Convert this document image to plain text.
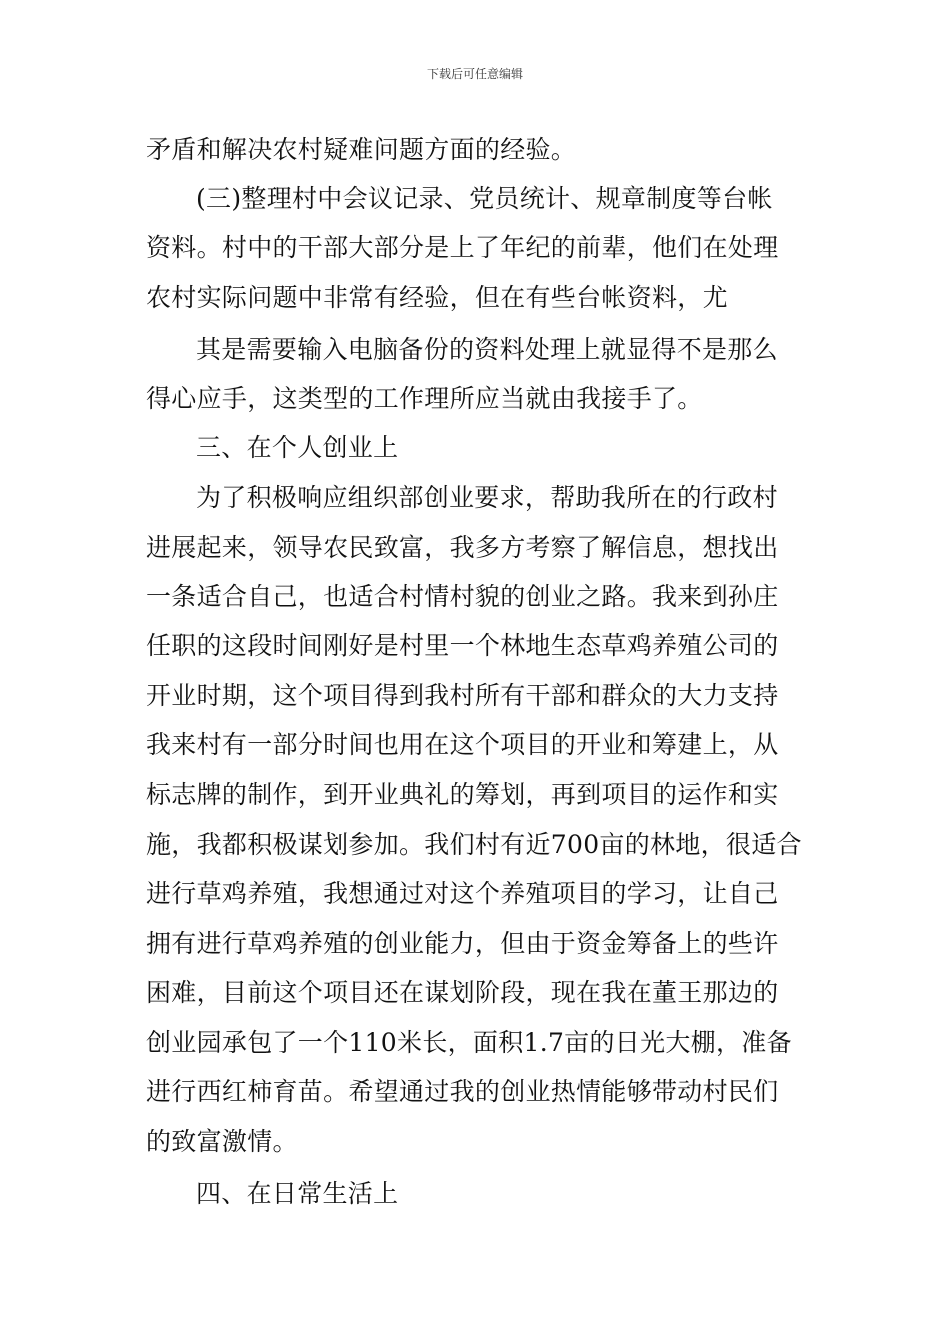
下载后可任意编辑
矛盾和解决农村疑难问题方面的经验。
(三)整理村中会议记录、党员统计、规章制度等台帐
资料。村中的干部大部分是上了年纪的前辈，他们在处理
农村实际问题中非常有经验，但在有些台帐资料，尤
其是需要输入电脑备份的资料处理上就显得不是那么
得心应手，这类型的工作理所应当就由我接手了。
三、在个人创业上
为了积极响应组织部创业要求，帮助我所在的行政村
进展起来，领导农民致富，我多方考察了解信息，想找出
一条适合自己，也适合村情村貌的创业之路。我来到孙庄
任职的这段时间刚好是村里一个林地生态草鸡养殖公司的
开业时期，这个项目得到我村所有干部和群众的大力支持
我来村有一部分时间也用在这个项目的开业和筹建上，从
标志牌的制作，到开业典礼的筹划，再到项目的运作和实
施，我都积极谋划参加。我们村有近700亩的林地，很适合
进行草鸡养殖，我想通过对这个养殖项目的学习，让自己
拥有进行草鸡养殖的创业能力，但由于资金筹备上的些许
困难，目前这个项目还在谋划阶段，现在我在董王那边的
创业园承包了一个110米长，面积1.7亩的日光大棚，准备
进行西红柿育苗。希望通过我的创业热情能够带动村民们
的致富激情。
四、在日常生活上
